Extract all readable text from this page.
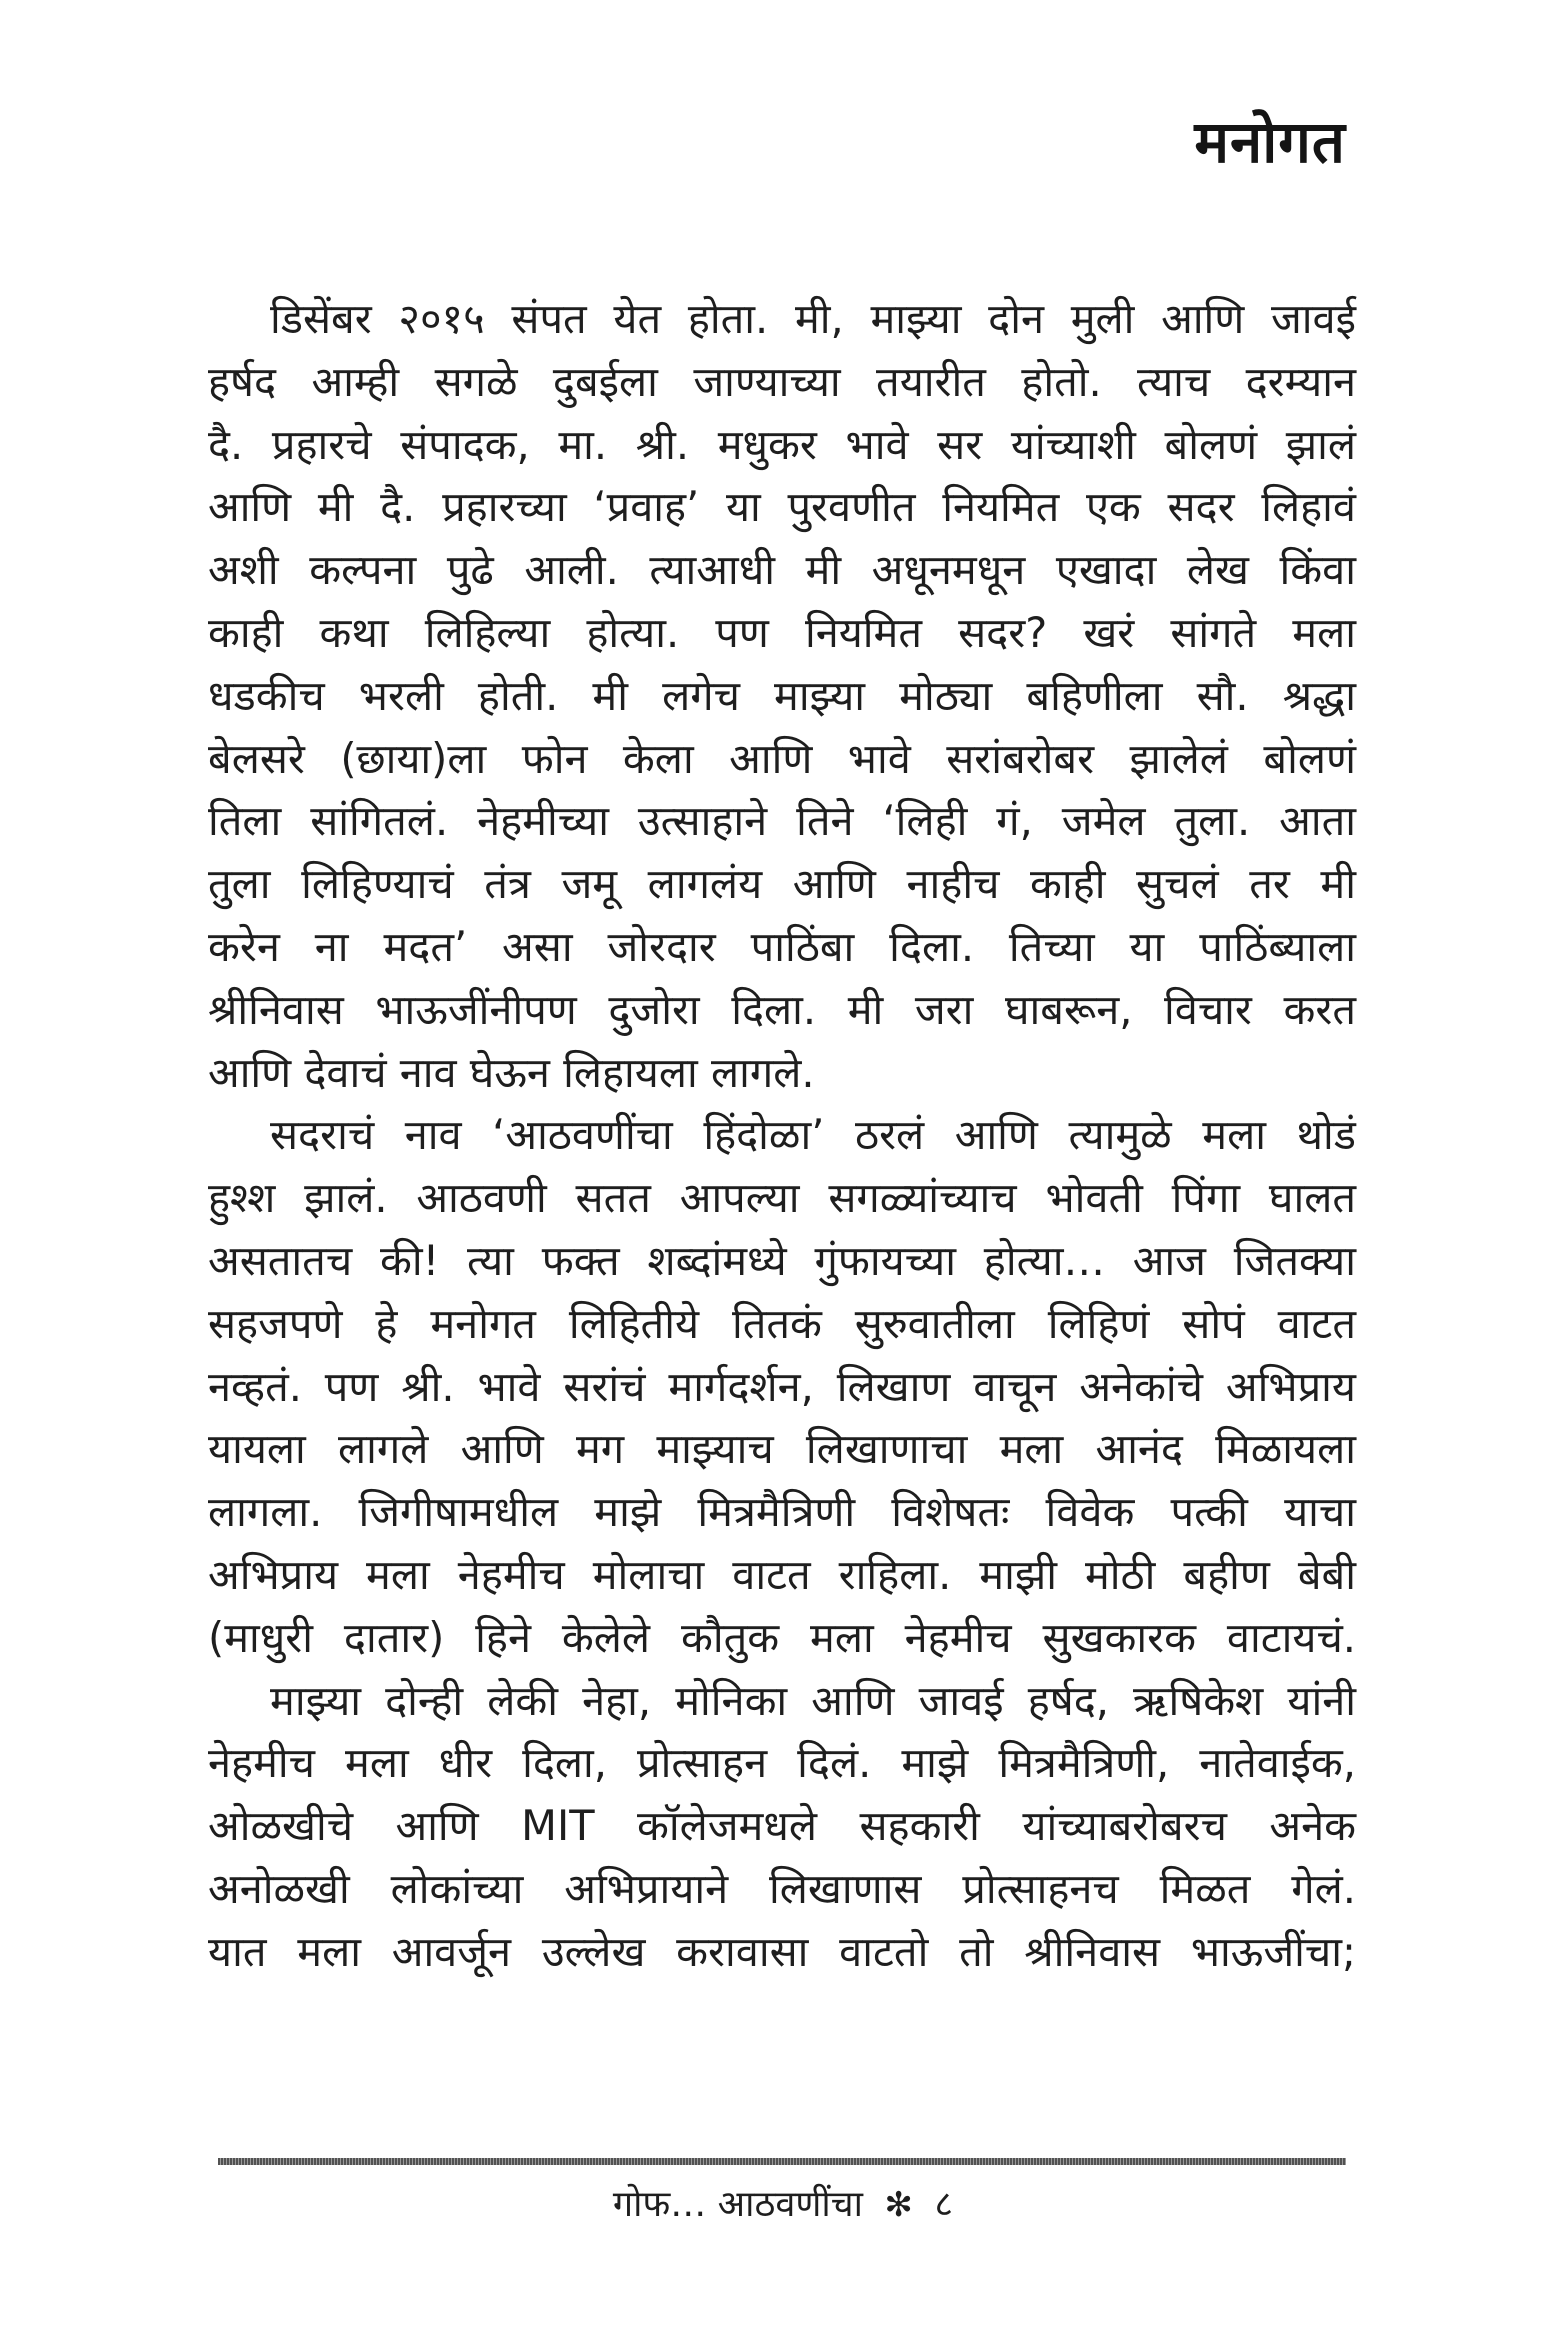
मनोगत
डिसेंबर २०१५ संपत येत होता. मी, माझ्या दोन मुली आणि जावई
हर्षद आम्ही सगळे दुबईला जाण्याच्या तयारीत होतो. त्याच दरम्यान
दै. प्रहारचे संपादक, मा. श्री. मधुकर भावे सर यांच्याशी बोलणं झालं
आणि मी दै. प्रहारच्या ‘प्रवाह’ या पुरवणीत नियमित एक सदर लिहावं
अशी कल्पना पुढे आली. त्याआधी मी अधूनमधून एखादा लेख किंवा
काही कथा लिहिल्या होत्या. पण नियमित सदर? खरं सांगते मला
धडकीच भरली होती. मी लगेच माझ्या मोठ्या बहिणीला सौ. श्रद्धा
बेलसरे (छाया)ला फोन केला आणि भावे सरांबरोबर झालेलं बोलणं
तिला सांगितलं. नेहमीच्या उत्साहाने तिने ‘लिही गं, जमेल तुला. आता
तुला लिहिण्याचं तंत्र जमू लागलंय आणि नाहीच काही सुचलं तर मी
करेन ना मदत’ असा जोरदार पाठिंबा दिला. तिच्या या पाठिंब्याला
श्रीनिवास भाऊजींनीपण दुजोरा दिला. मी जरा घाबरून, विचार करत
आणि देवाचं नाव घेऊन लिहायला लागले.
सदराचं नाव ‘आठवणींचा हिंदोळा’ ठरलं आणि त्यामुळे मला थोडं
हुश्श झालं. आठवणी सतत आपल्या सगळ्यांच्याच भोवती पिंगा घालत
असतातच की! त्या फक्त शब्दांमध्ये गुंफायच्या होत्या… आज जितक्या
सहजपणे हे मनोगत लिहितीये तितकं सुरुवातीला लिहिणं सोपं वाटत
नव्हतं. पण श्री. भावे सरांचं मार्गदर्शन, लिखाण वाचून अनेकांचे अभिप्राय
यायला लागले आणि मग माझ्याच लिखाणाचा मला आनंद मिळायला
लागला. जिगीषामधील माझे मित्रमैत्रिणी विशेषतः विवेक पत्की याचा
अभिप्राय मला नेहमीच मोलाचा वाटत राहिला. माझी मोठी बहीण बेबी
(माधुरी दातार) हिने केलेले कौतुक मला नेहमीच सुखकारक वाटायचं.
माझ्या दोन्ही लेकी नेहा, मोनिका आणि जावई हर्षद, ऋषिकेश यांनी
नेहमीच मला धीर दिला, प्रोत्साहन दिलं. माझे मित्रमैत्रिणी, नातेवाईक,
ओळखीचे आणि MIT कॉलेजमधले सहकारी यांच्याबरोबरच अनेक
अनोळखी लोकांच्या अभिप्रायाने लिखाणास प्रोत्साहनच मिळत गेलं.
यात मला आवर्जून उल्लेख करावासा वाटतो तो श्रीनिवास भाऊजींचा;
गोफ… आठवणींचा ✻ ८
